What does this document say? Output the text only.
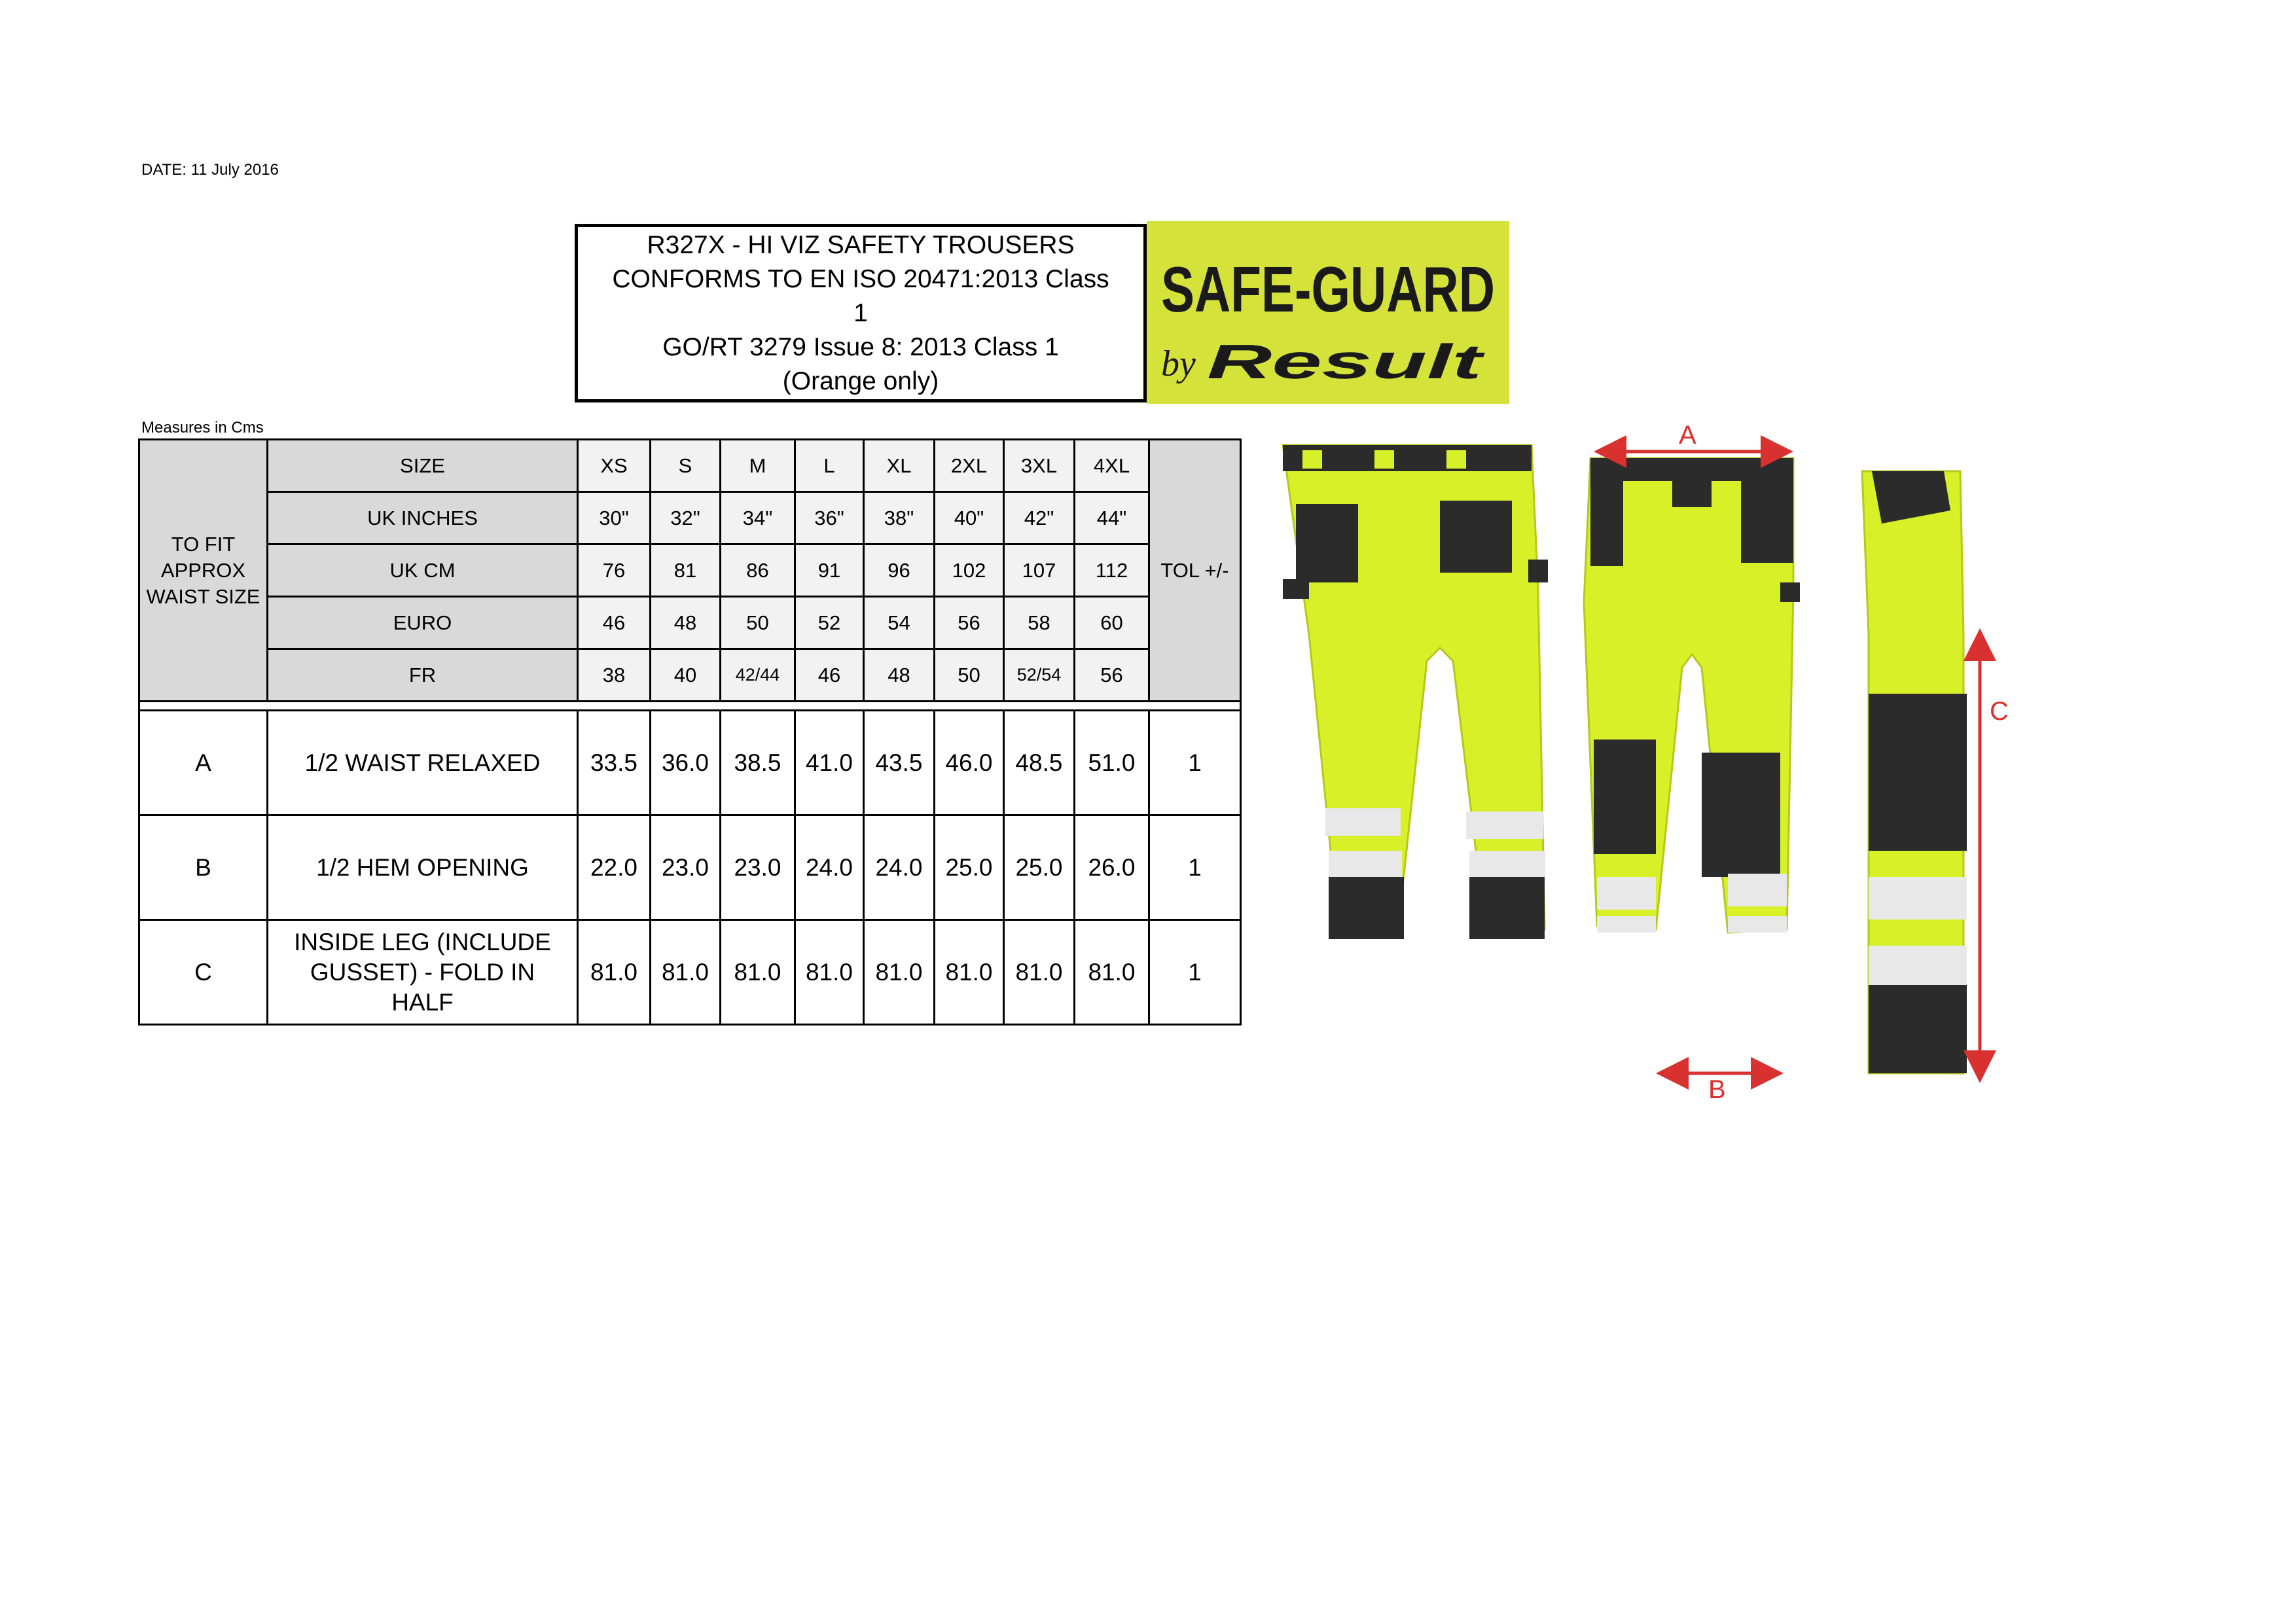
DATE: 11 July 2016
R327X - HI VIZ SAFETY TROUSERS
CONFORMS TO EN ISO 20471:2013 Class
1
GO/RT 3279 Issue 8: 2013 Class 1
(Orange only)
SAFE-GUARD
by Result
Measures in Cms
TO FIT APPROX WAIST SIZE	SIZE	XS	S	M	L	XL	2XL	3XL	4XL	TOL +/-
	UK INCHES	30"	32"	34"	36"	38"	40"	42"	44"	
	UK CM	76	81	86	91	96	102	107	112	
	EURO	46	48	50	52	54	56	58	60	
	FR	38	40	42/44	46	48	50	52/54	56	

A	1/2 WAIST RELAXED	33.5	36.0	38.5	41.0	43.5	46.0	48.5	51.0	1
B	1/2 HEM OPENING	22.0	23.0	23.0	24.0	24.0	25.0	25.0	26.0	1
C	INSIDE LEG (INCLUDE GUSSET) - FOLD IN HALF	81.0	81.0	81.0	81.0	81.0	81.0	81.0	81.0	1
A
B
C
